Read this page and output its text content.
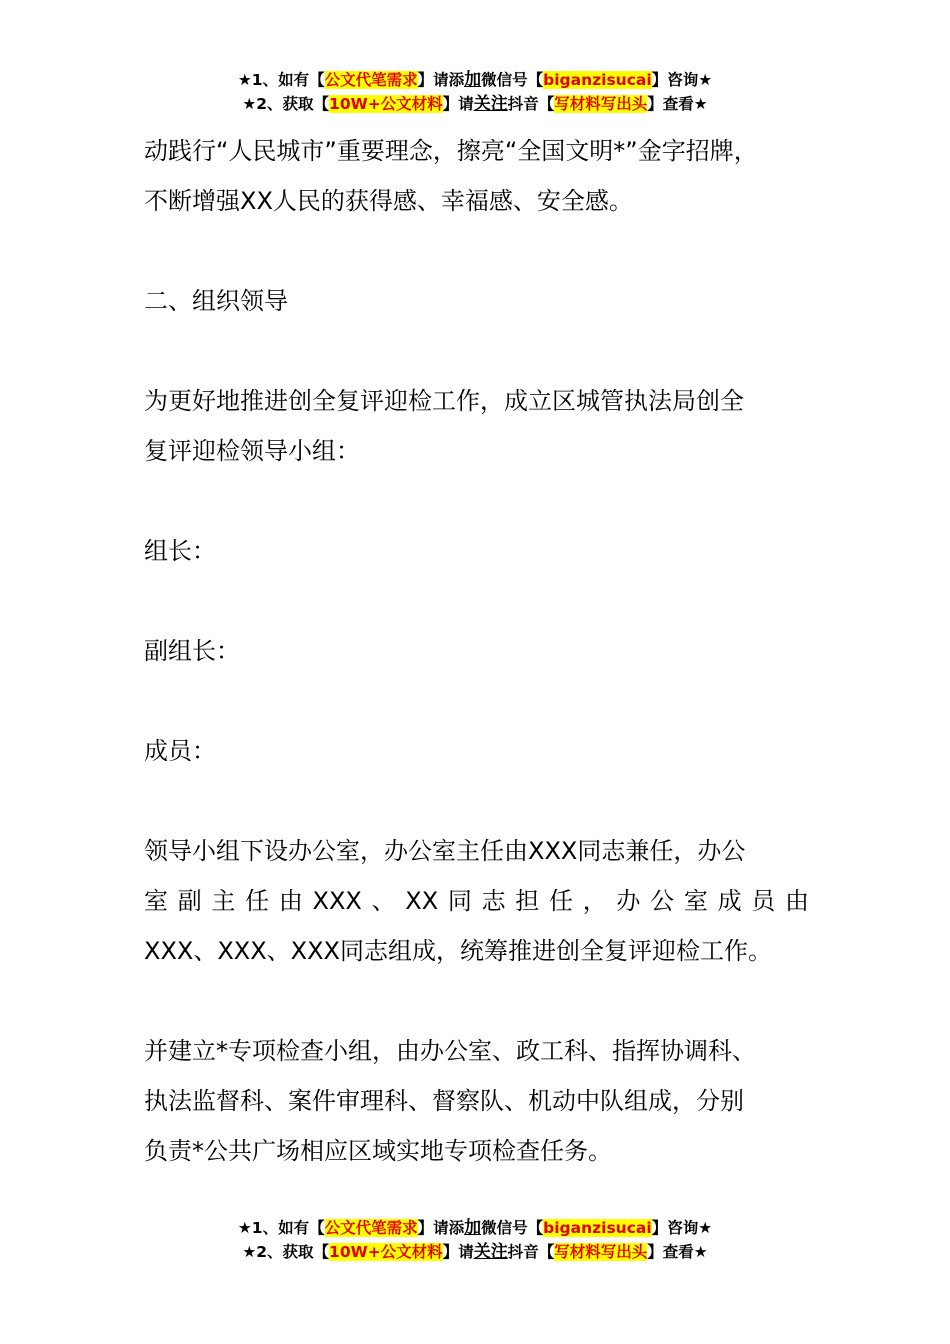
★1、如有【公文代笔需求】请添加微信号【biganzisucai】咨询★
★2、获取【10W+公文材料】请关注抖音【写材料写出头】查看★

动践行“人民城市”重要理念，擦亮“全国文明*”金字招牌，
不断增强XX人民的获得感、幸福感、安全感。

二、组织领导

为更好地推进创全复评迎检工作，成立区城管执法局创全
复评迎检领导小组：

组长：

副组长：

成员：

领导小组下设办公室，办公室主任由XXX同志兼任，办公
室副主任由XXX、XX同志担任，办公室成员由
XXX、XXX、XXX同志组成，统筹推进创全复评迎检工作。

并建立*专项检查小组，由办公室、政工科、指挥协调科、
执法监督科、案件审理科、督察队、机动中队组成，分别
负责*公共广场相应区域实地专项检查任务。

★1、如有【公文代笔需求】请添加微信号【biganzisucai】咨询★
★2、获取【10W+公文材料】请关注抖音【写材料写出头】查看★
